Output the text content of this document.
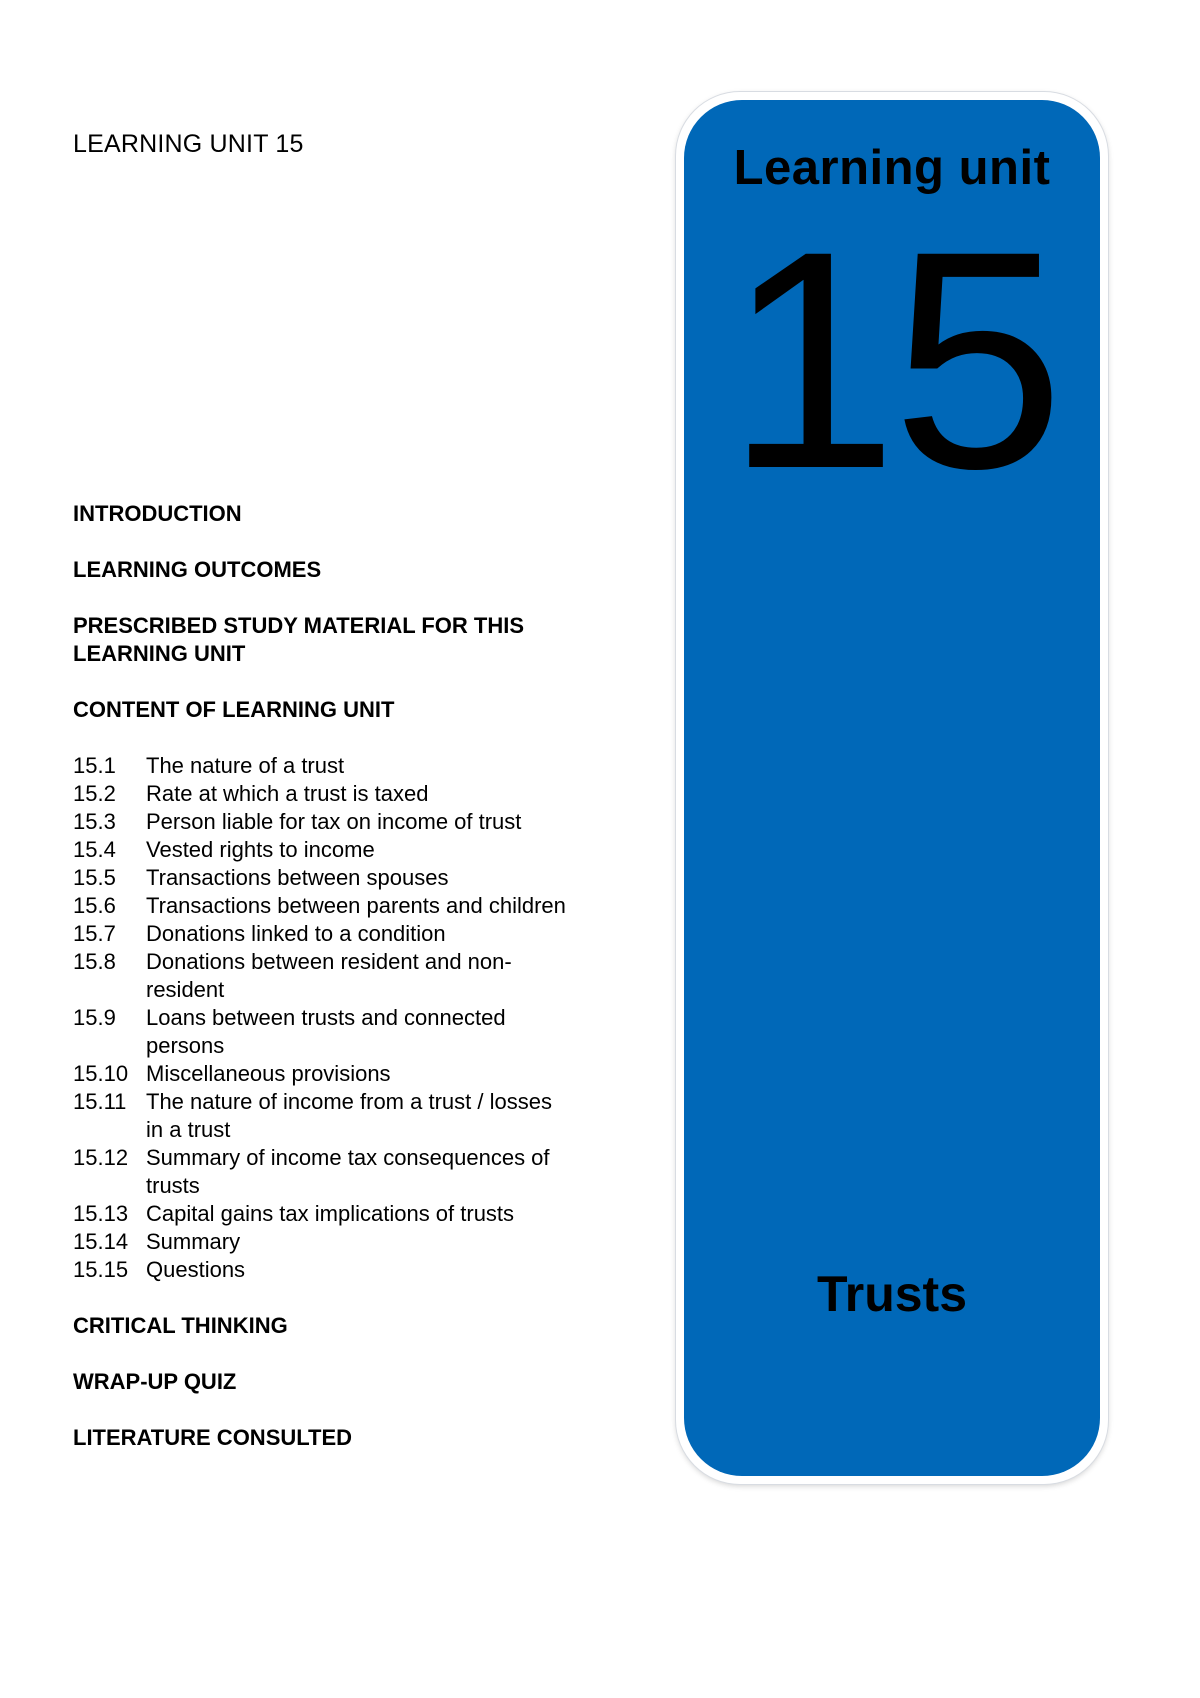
LEARNING UNIT 15

INTRODUCTION

LEARNING OUTCOMES

PRESCRIBED STUDY MATERIAL FOR THIS LEARNING UNIT

CONTENT OF LEARNING UNIT

15.1	The nature of a trust
15.2	Rate at which a trust is taxed
15.3	Person liable for tax on income of trust
15.4	Vested rights to income
15.5	Transactions between spouses
15.6	Transactions between parents and children
15.7	Donations linked to a condition
15.8	Donations between resident and non-resident
15.9	Loans between trusts and connected persons
15.10 Miscellaneous provisions
15.11 The nature of income from a trust / losses in a trust
15.12 Summary of income tax consequences of trusts
15.13 Capital gains tax implications of trusts
15.14 Summary
15.15 Questions

CRITICAL THINKING

WRAP-UP QUIZ

LITERATURE CONSULTED

Learning unit
15
Trusts
